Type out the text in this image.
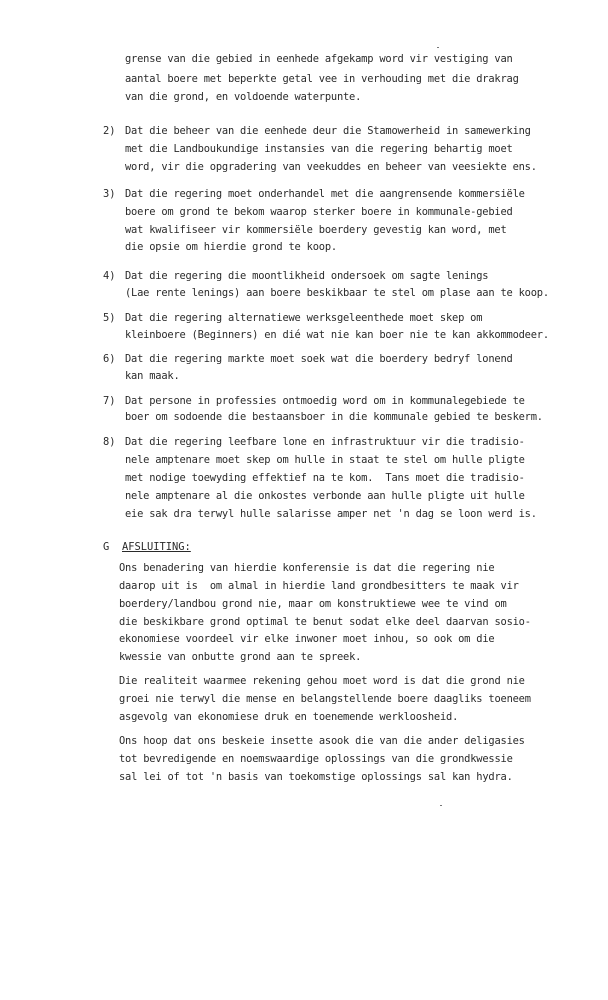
grense van die gebied in eenhede afgekamp word vir vestiging van
aantal boere met beperkte getal vee in verhouding met die drakrag
van die grond, en voldoende waterpunte.
2) Dat die beheer van die eenhede deur die Stamowerheid in samewerking
met die Landboukundige instansies van die regering behartig moet
word, vir die opgradering van veekuddes en beheer van veesiekte ens.
3) Dat die regering moet onderhandel met die aangrensende kommersiële
boere om grond te bekom waarop sterker boere in kommunale-gebied
wat kwalifiseer vir kommersiële boerdery gevestig kan word, met
die opsie om hierdie grond te koop.
4) Dat die regering die moontlikheid ondersoek om sagte lenings
(Lae rente lenings) aan boere beskikbaar te stel om plase aan te koop.
5) Dat die regering alternatiewe werksgeleenthede moet skep om
kleinboere (Beginners) en dié wat nie kan boer nie te kan akkommodeer.
6) Dat die regering markte moet soek wat die boerdery bedryf lonend
kan maak.
7) Dat persone in professies ontmoedig word om in kommunalegebiede te
boer om sodoende die bestaansboer in die kommunale gebied te beskerm.
8) Dat die regering leefbare lone en infrastruktuur vir die tradisio-
nele amptenare moet skep om hulle in staat te stel om hulle pligte
met nodige toewyding effektief na te kom.  Tans moet die tradisio-
nele amptenare al die onkostes verbonde aan hulle pligte uit hulle
eie sak dra terwyl hulle salarisse amper net 'n dag se loon werd is.
G AFSLUITING:
Ons benadering van hierdie konferensie is dat die regering nie
daarop uit is  om almal in hierdie land grondbesitters te maak vir
boerdery/landbou grond nie, maar om konstruktiewe wee te vind om
die beskikbare grond optimal te benut sodat elke deel daarvan sosio-
ekonomiese voordeel vir elke inwoner moet inhou, so ook om die
kwessie van onbutte grond aan te spreek.
Die realiteit waarmee rekening gehou moet word is dat die grond nie
groei nie terwyl die mense en belangstellende boere daagliks toeneem
asgevolg van ekonomiese druk en toenemende werkloosheid.
Ons hoop dat ons beskeie insette asook die van die ander deligasies
tot bevredigende en noemswaardige oplossings van die grondkwessie
sal lei of tot 'n basis van toekomstige oplossings sal kan hydra.
